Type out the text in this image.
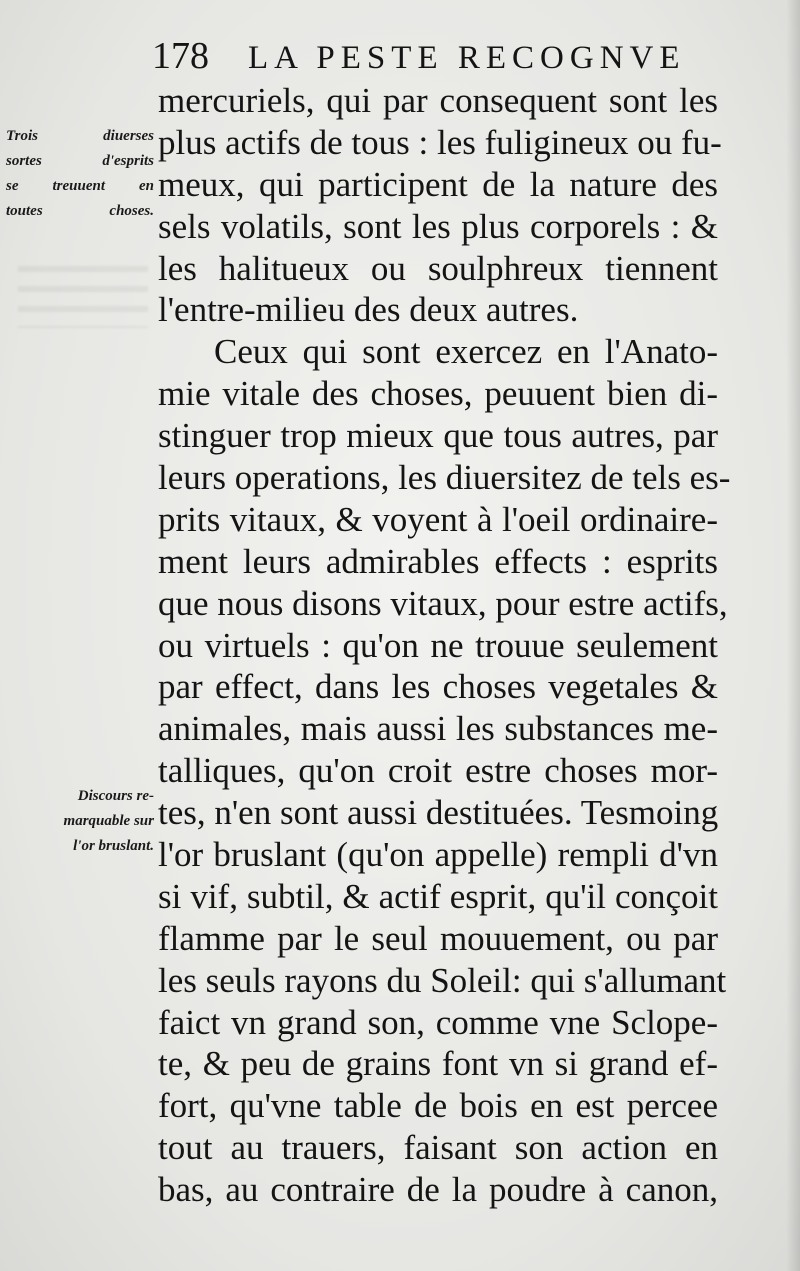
178 LA PESTE RECOGNVE
Trois diuerses
sortes d'esprits
se treuuent en
toutes choses.
Discours re-
marquable sur
l'or bruslant.
mercuriels, qui par consequent sont les
plus actifs de tous : les fuligineux ou fu-
meux, qui participent de la nature des
sels volatils, sont les plus corporels : &
les halitueux ou soulphreux tiennent
l'entre-milieu des deux autres.
Ceux qui sont exercez en l'Anato-
mie vitale des choses, peuuent bien di-
stinguer trop mieux que tous autres, par
leurs operations, les diuersitez de tels es-
prits vitaux, & voyent à l'oeil ordinaire-
ment leurs admirables effects : esprits
que nous disons vitaux, pour estre actifs,
ou virtuels : qu'on ne trouue seulement
par effect, dans les choses vegetales &
animales, mais aussi les substances me-
talliques, qu'on croit estre choses mor-
tes, n'en sont aussi destituées. Tesmoing
l'or bruslant (qu'on appelle) rempli d'vn
si vif, subtil, & actif esprit, qu'il conçoit
flamme par le seul mouuement, ou par
les seuls rayons du Soleil: qui s'allumant
faict vn grand son, comme vne Sclope-
te, & peu de grains font vn si grand ef-
fort, qu'vne table de bois en est percee
tout au trauers, faisant son action en
bas, au contraire de la poudre à canon,
